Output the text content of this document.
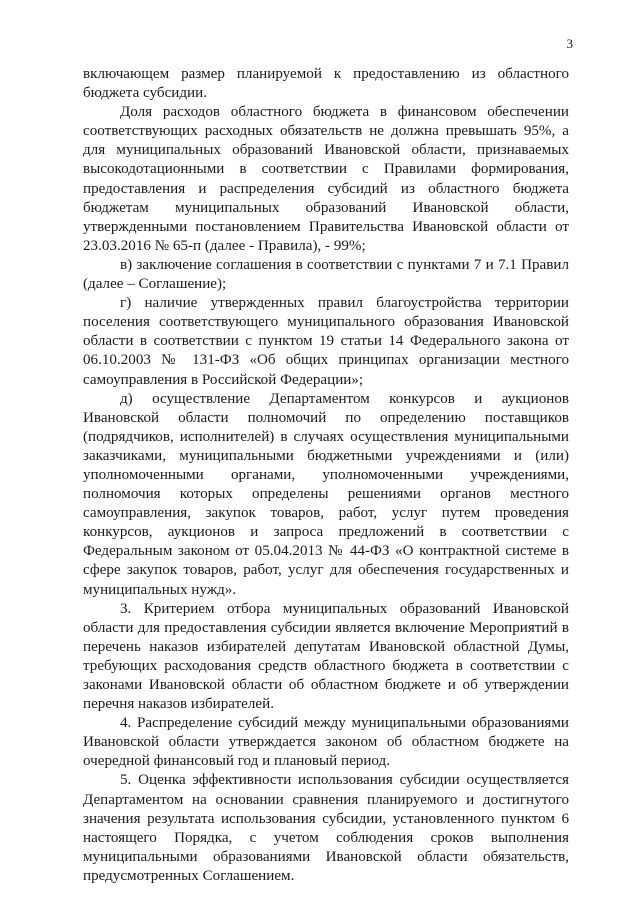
3

включающем размер планируемой к предоставлению из областного бюджета субсидии.

Доля расходов областного бюджета в финансовом обеспечении соответствующих расходных обязательств не должна превышать 95%, а для муниципальных образований Ивановской области, признаваемых высокодотационными в соответствии с Правилами формирования, предоставления и распределения субсидий из областного бюджета бюджетам муниципальных образований Ивановской области, утвержденными постановлением Правительства Ивановской области от 23.03.2016 № 65-п (далее - Правила), - 99%;

в) заключение соглашения в соответствии с пунктами 7 и 7.1 Правил (далее – Соглашение);

г) наличие утвержденных правил благоустройства территории поселения соответствующего муниципального образования Ивановской области в соответствии с пунктом 19 статьи 14 Федерального закона от 06.10.2003 № 131-ФЗ «Об общих принципах организации местного самоуправления в Российской Федерации»;

д) осуществление Департаментом конкурсов и аукционов Ивановской области полномочий по определению поставщиков (подрядчиков, исполнителей) в случаях осуществления муниципальными заказчиками, муниципальными бюджетными учреждениями и (или) уполномоченными органами, уполномоченными учреждениями, полномочия которых определены решениями органов местного самоуправления, закупок товаров, работ, услуг путем проведения конкурсов, аукционов и запроса предложений в соответствии с Федеральным законом от 05.04.2013 № 44-ФЗ «О контрактной системе в сфере закупок товаров, работ, услуг для обеспечения государственных и муниципальных нужд».

3. Критерием отбора муниципальных образований Ивановской области для предоставления субсидии является включение Мероприятий в перечень наказов избирателей депутатам Ивановской областной Думы, требующих расходования средств областного бюджета в соответствии с законами Ивановской области об областном бюджете и об утверждении перечня наказов избирателей.

4. Распределение субсидий между муниципальными образованиями Ивановской области утверждается законом об областном бюджете на очередной финансовый год и плановый период.

5. Оценка эффективности использования субсидии осуществляется Департаментом на основании сравнения планируемого и достигнутого значения результата использования субсидии, установленного пунктом 6 настоящего Порядка, с учетом соблюдения сроков выполнения муниципальными образованиями Ивановской области обязательств, предусмотренных Соглашением.
